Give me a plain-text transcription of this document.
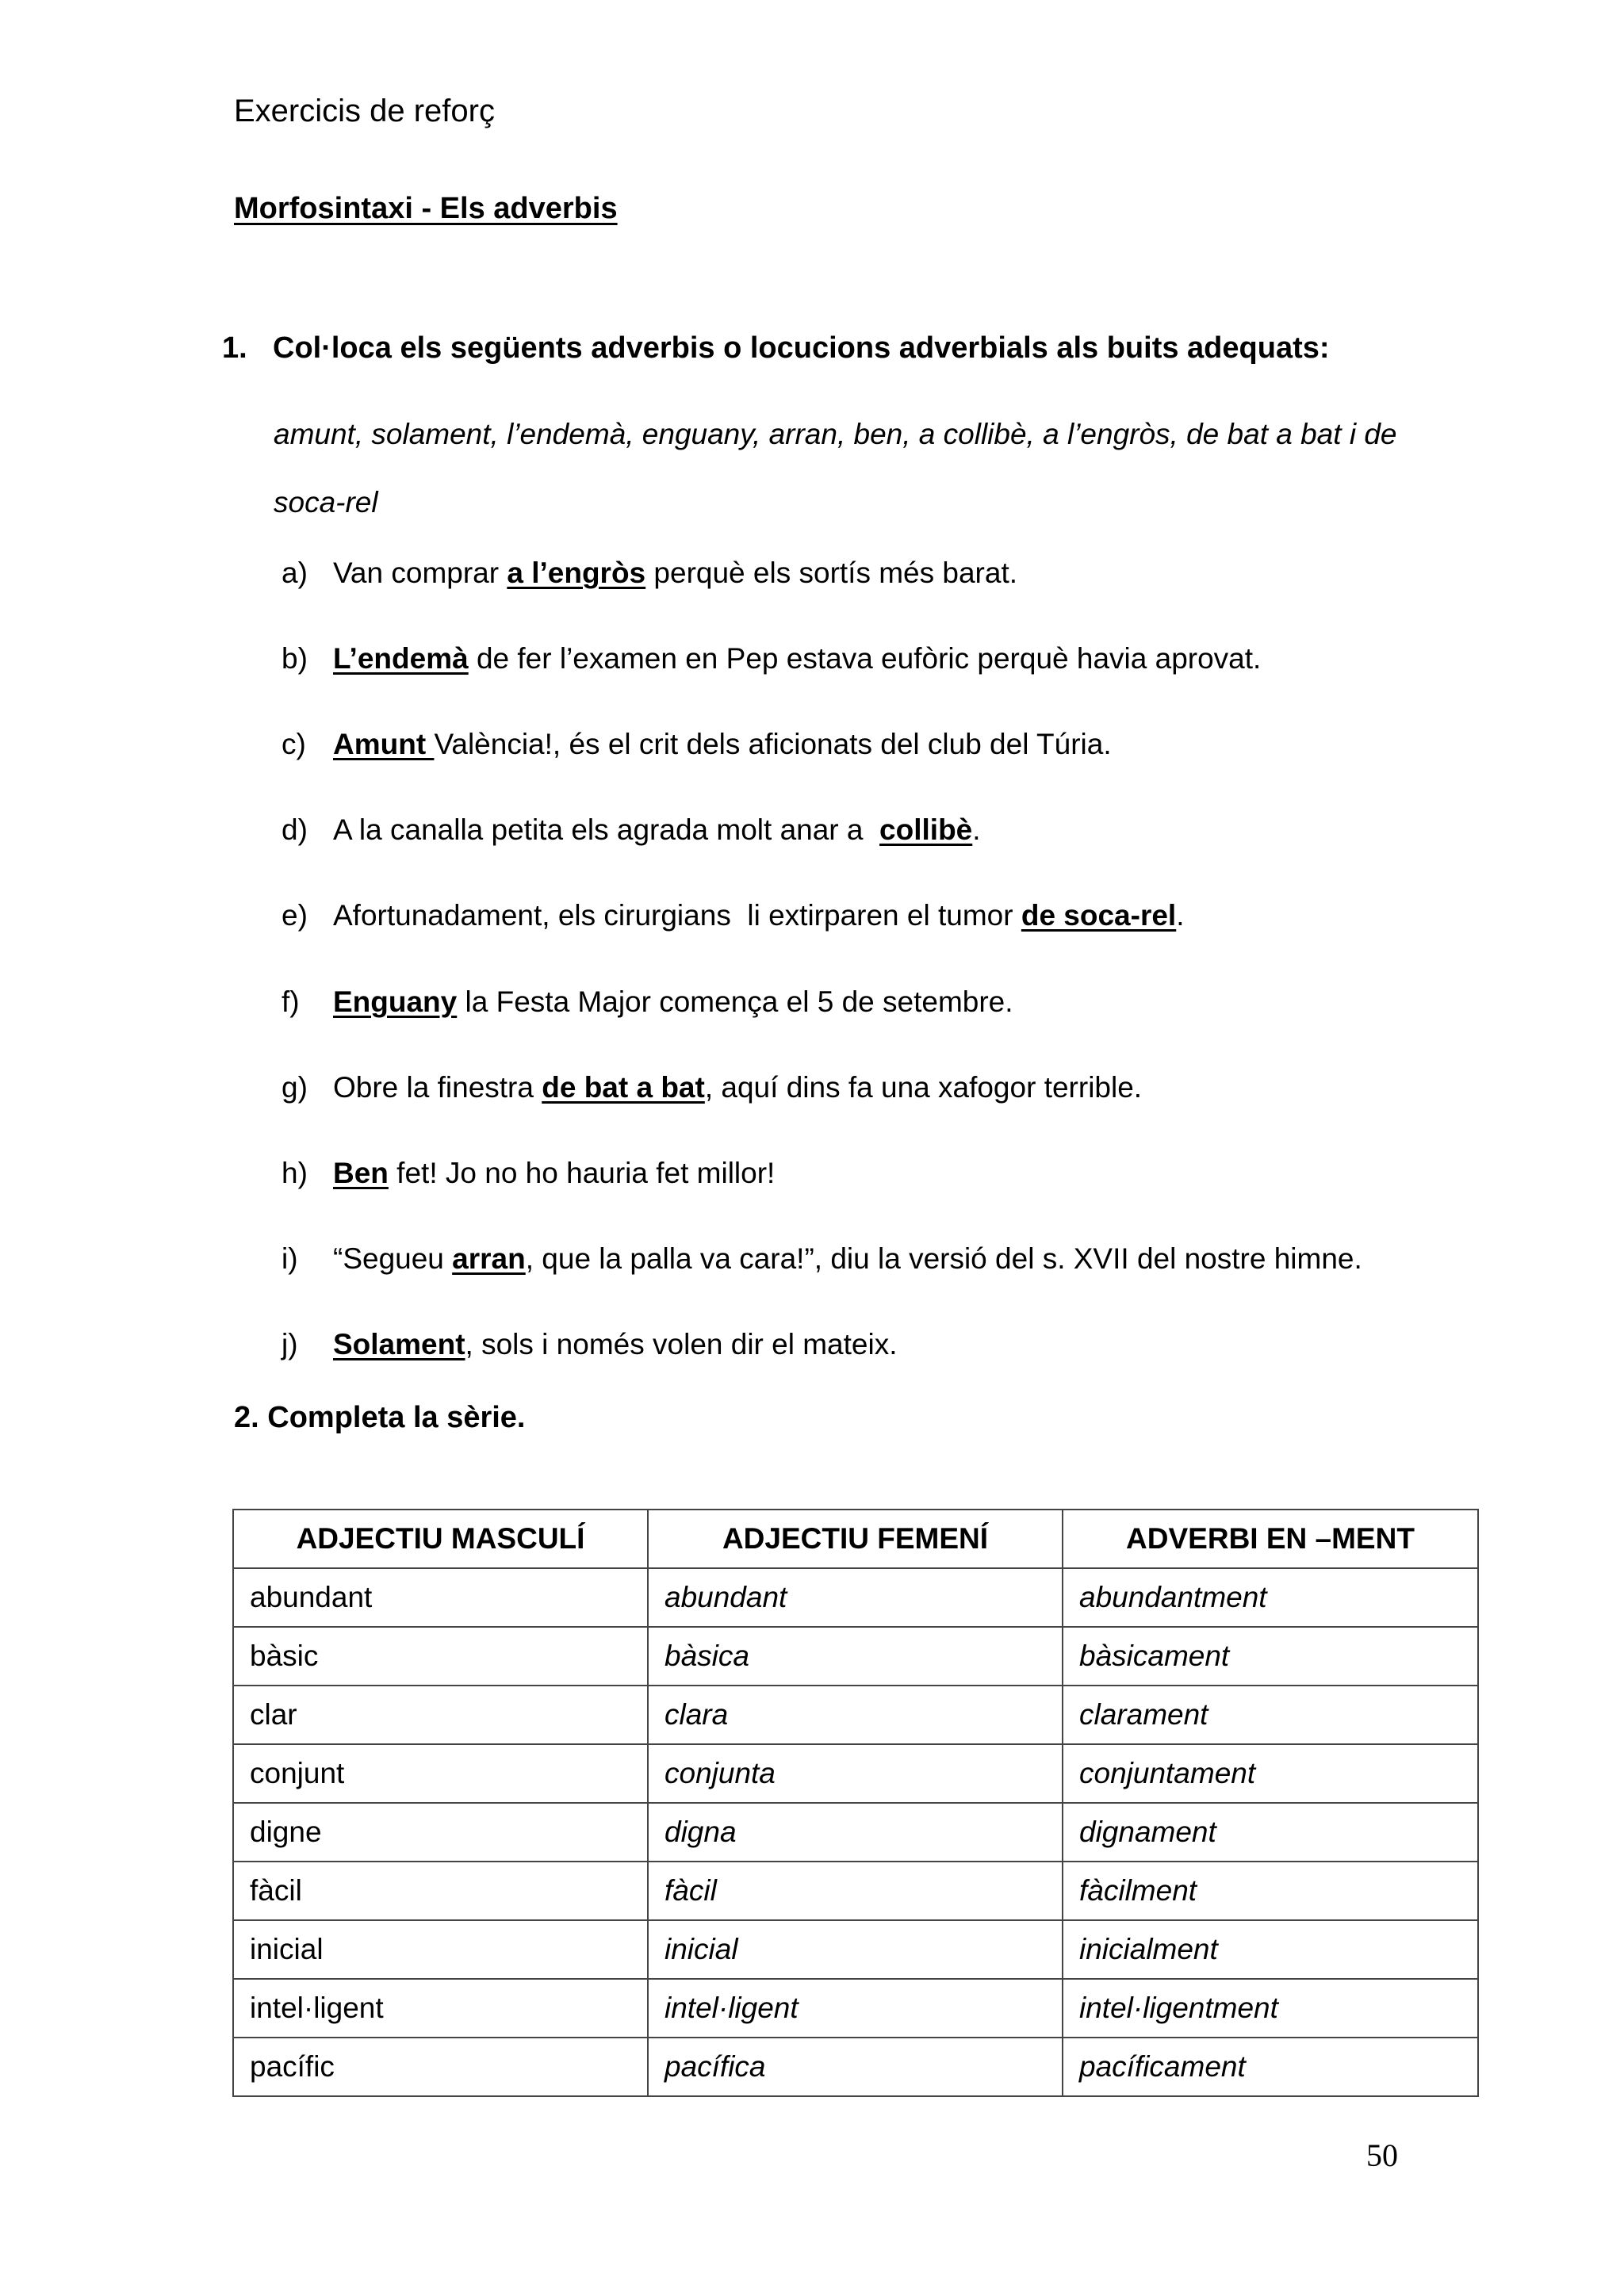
Exercicis de reforç
Morfosintaxi - Els adverbis
1. Col·loca els següents adverbis o locucions adverbials als buits adequats:
amunt, solament, l’endemà, enguany, arran, ben, a collibè, a l’engròs, de bat a bat i de soca-rel
a) Van comprar a l’engròs perquè els sortís més barat.
b) L’endemà de fer l’examen en Pep estava eufòric perquè havia aprovat.
c) Amunt València!, és el crit dels aficionats del club del Túria.
d) A la canalla petita els agrada molt anar a  collibè.
e) Afortunadament, els cirurgians  li extirparen el tumor de soca-rel.
f) Enguany la Festa Major comença el 5 de setembre.
g) Obre la finestra de bat a bat, aquí dins fa una xafogor terrible.
h) Ben fet! Jo no ho hauria fet millor!
i) “Segueu arran, que la palla va cara!”, diu la versió del s. XVII del nostre himne.
j) Solament, sols i només volen dir el mateix.
2. Completa la sèrie.
ADJECTIU MASCULÍ	ADJECTIU FEMENÍ	ADVERBI EN –MENT
abundant	abundant	abundantment
bàsic	bàsica	bàsicament
clar	clara	clarament
conjunt	conjunta	conjuntament
digne	digna	dignament
fàcil	fàcil	fàcilment
inicial	inicial	inicialment
intel·ligent	intel·ligent	intel·ligentment
pacífic	pacífica	pacíficament
50
